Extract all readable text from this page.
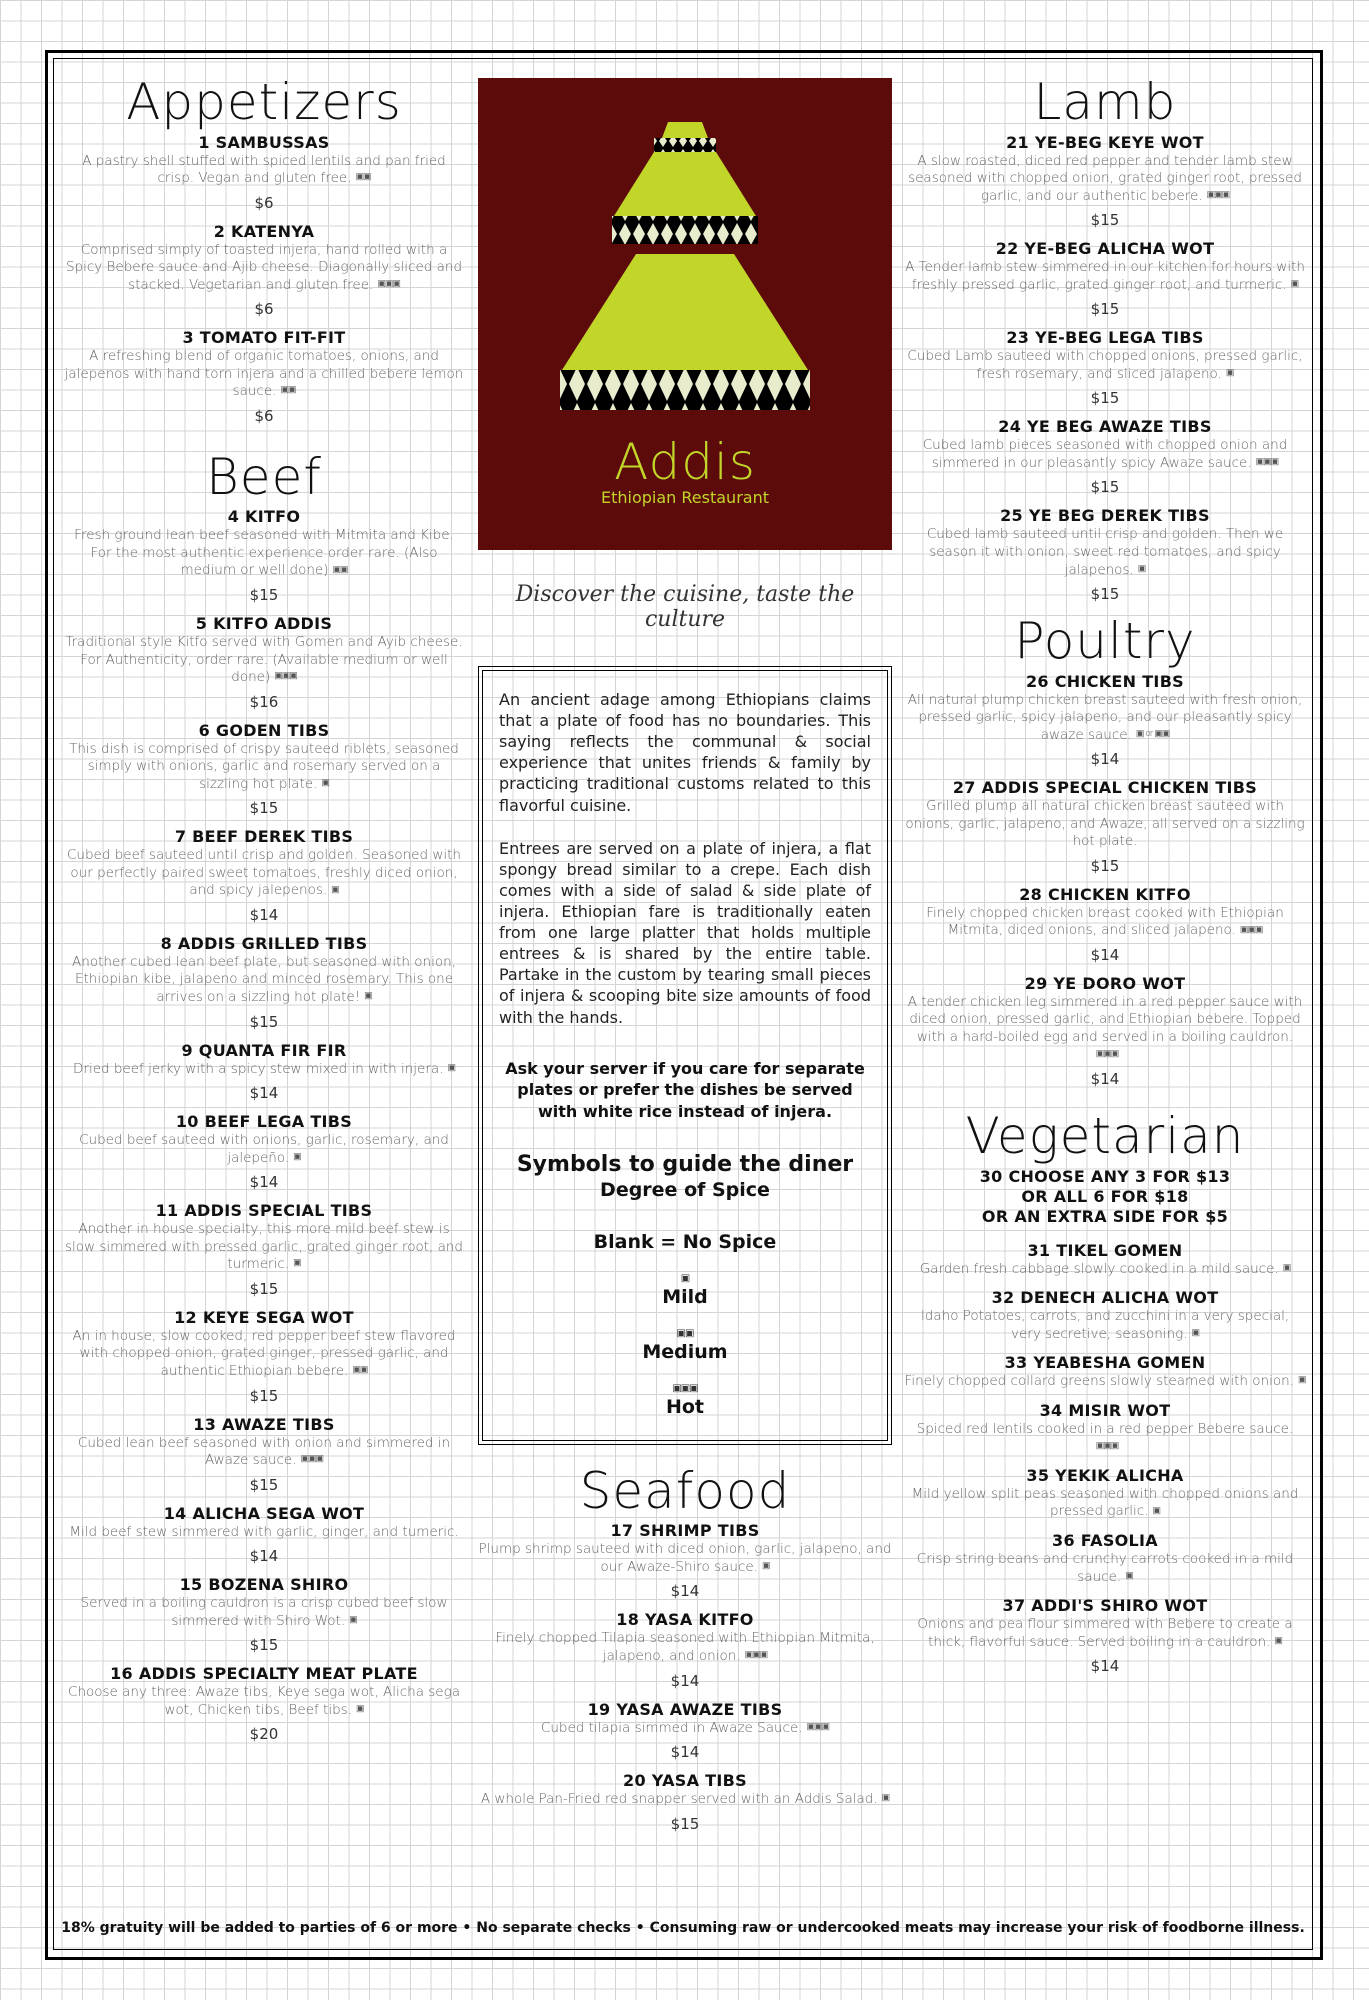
Appetizers
1 SAMBUSSAS
A pastry shell stuffed with spiced lentils and pan fried crisp. Vegan and gluten free. ▣▣
$6
2 KATENYA
Comprised simply of toasted injera, hand rolled with a Spicy Bebere sauce and Ajib cheese. Diagonally sliced and stacked. Vegetarian and gluten free. ▣▣▣
$6
3 TOMATO FIT-FIT
A refreshing blend of organic tomatoes, onions, and jalepenos with hand torn injera and a chilled bebere lemon sauce. ▣▣
$6
Beef
4 KITFO
Fresh ground lean beef seasoned with Mitmita and Kibe. For the most authentic experience order rare. (Also medium or well done) ▣▣
$15
5 KITFO ADDIS
Traditional style Kitfo served with Gomen and Ayib cheese. For Authenticity, order rare. (Available medium or well done) ▣▣▣
$16
6 GODEN TIBS
This dish is comprised of crispy sauteed riblets, seasoned simply with onions, garlic and rosemary served on a sizzling hot plate. ▣
$15
7 BEEF DEREK TIBS
Cubed beef sauteed until crisp and golden. Seasoned with our perfectly paired sweet tomatoes, freshly diced onion, and spicy jalepenos. ▣
$14
8 ADDIS GRILLED TIBS
Another cubed lean beef plate, but seasoned with onion, Ethiopian kibe, jalapeno and minced rosemary. This one arrives on a sizzling hot plate! ▣
$15
9 QUANTA FIR FIR
Dried beef jerky with a spicy stew mixed in with injera. ▣
$14
10 BEEF LEGA TIBS
Cubed beef sauteed with onions, garlic, rosemary, and jalepeño. ▣
$14
11 ADDIS SPECIAL TIBS
Another in house specialty, this more mild beef stew is slow simmered with pressed garlic, grated ginger root, and turmeric. ▣
$15
12 KEYE SEGA WOT
An in house, slow cooked, red pepper beef stew flavored with chopped onion, grated ginger, pressed garlic, and authentic Ethiopian bebere. ▣▣
$15
13 AWAZE TIBS
Cubed lean beef seasoned with onion and simmered in Awaze sauce. ▣▣▣
$15
14 ALICHA SEGA WOT
Mild beef stew simmered with garlic, ginger, and tumeric.
$14
15 BOZENA SHIRO
Served in a boiling cauldron is a crisp cubed beef slow simmered with Shiro Wot. ▣
$15
16 ADDIS SPECIALTY MEAT PLATE
Choose any three: Awaze tibs, Keye sega wot, Alicha sega wot, Chicken tibs, Beef tibs. ▣
$20
Addis
Ethiopian Restaurant
Discover the cuisine, taste the culture

An ancient adage among Ethiopians claims that a plate of food has no boundaries. This saying reflects the communal & social experience that unites friends & family by practicing traditional customs related to this flavorful cuisine.

Entrees are served on a plate of injera, a flat spongy bread similar to a crepe. Each dish comes with a side of salad & side plate of injera. Ethiopian fare is traditionally eaten from one large platter that holds multiple entrees & is shared by the entire table. Partake in the custom by tearing small pieces of injera & scooping bite size amounts of food with the hands.

Ask your server if you care for separate plates or prefer the dishes be served with white rice instead of injera.
Symbols to guide the diner
Degree of Spice
Blank = No Spice
▣
Mild
▣▣
Medium
▣▣▣
Hot
Seafood
17 SHRIMP TIBS
Plump shrimp sauteed with diced onion, garlic, jalapeno, and our Awaze-Shiro sauce. ▣
$14
18 YASA KITFO
Finely chopped Tilapia seasoned with Ethiopian Mitmita, jalapeno, and onion. ▣▣▣
$14
19 YASA AWAZE TIBS
Cubed tilapia simmed in Awaze Sauce. ▣▣▣
$14
20 YASA TIBS
A whole Pan-Fried red snapper served with an Addis Salad. ▣
$15
Lamb
21 YE-BEG KEYE WOT
A slow roasted, diced red pepper and tender lamb stew seasoned with chopped onion, grated ginger root, pressed garlic, and our authentic bebere. ▣▣▣
$15
22 YE-BEG ALICHA WOT
A Tender lamb stew simmered in our kitchen for hours with freshly pressed garlic, grated ginger root, and turmeric. ▣
$15
23 YE-BEG LEGA TIBS
Cubed Lamb sauteed with chopped onions, pressed garlic, fresh rosemary, and sliced jalapeno. ▣
$15
24 YE BEG AWAZE TIBS
Cubed lamb pieces seasoned with chopped onion and simmered in our pleasantly spicy Awaze sauce. ▣▣▣
$15
25 YE BEG DEREK TIBS
Cubed lamb sauteed until crisp and golden. Then we season it with onion, sweet red tomatoes, and spicy jalapenos. ▣
$15
Poultry
26 CHICKEN TIBS
All natural plump chicken breast sauteed with fresh onion, pressed garlic, spicy jalapeno, and our pleasantly spicy awaze sauce. ▣ or ▣▣
$14
27 ADDIS SPECIAL CHICKEN TIBS
Grilled plump all natural chicken breast sauteed with onions, garlic, jalapeno, and Awaze, all served on a sizzling hot plate.
$15
28 CHICKEN KITFO
Finely chopped chicken breast cooked with Ethiopian Mitmita, diced onions, and sliced jalapeno. ▣▣▣
$14
29 YE DORO WOT
A tender chicken leg simmered in a red pepper sauce with diced onion, pressed garlic, and Ethiopian bebere. Topped with a hard-boiled egg and served in a boiling cauldron.▣▣▣
$14
Vegetarian
30 CHOOSE ANY 3 FOR $13
OR ALL 6 FOR $18
OR AN EXTRA SIDE FOR $5
31 TIKEL GOMEN
Garden fresh cabbage slowly cooked in a mild sauce. ▣
32 DENECH ALICHA WOT
Idaho Potatoes, carrots, and zucchini in a very special, very secretive, seasoning. ▣
33 YEABESHA GOMEN
Finely chopped collard greens slowly steamed with onion. ▣
34 MISIR WOT
Spiced red lentils cooked in a red pepper Bebere sauce.▣▣▣
35 YEKIK ALICHA
Mild yellow split peas seasoned with chopped onions and pressed garlic. ▣
36 FASOLIA
Crisp string beans and crunchy carrots cooked in a mild sauce. ▣
37 ADDI'S SHIRO WOT
Onions and pea flour simmered with Bebere to create a thick, flavorful sauce. Served boiling in a cauldron. ▣
$14
18% gratuity will be added to parties of 6 or more • No separate checks • Consuming raw or undercooked meats may increase your risk of foodborne illness.
